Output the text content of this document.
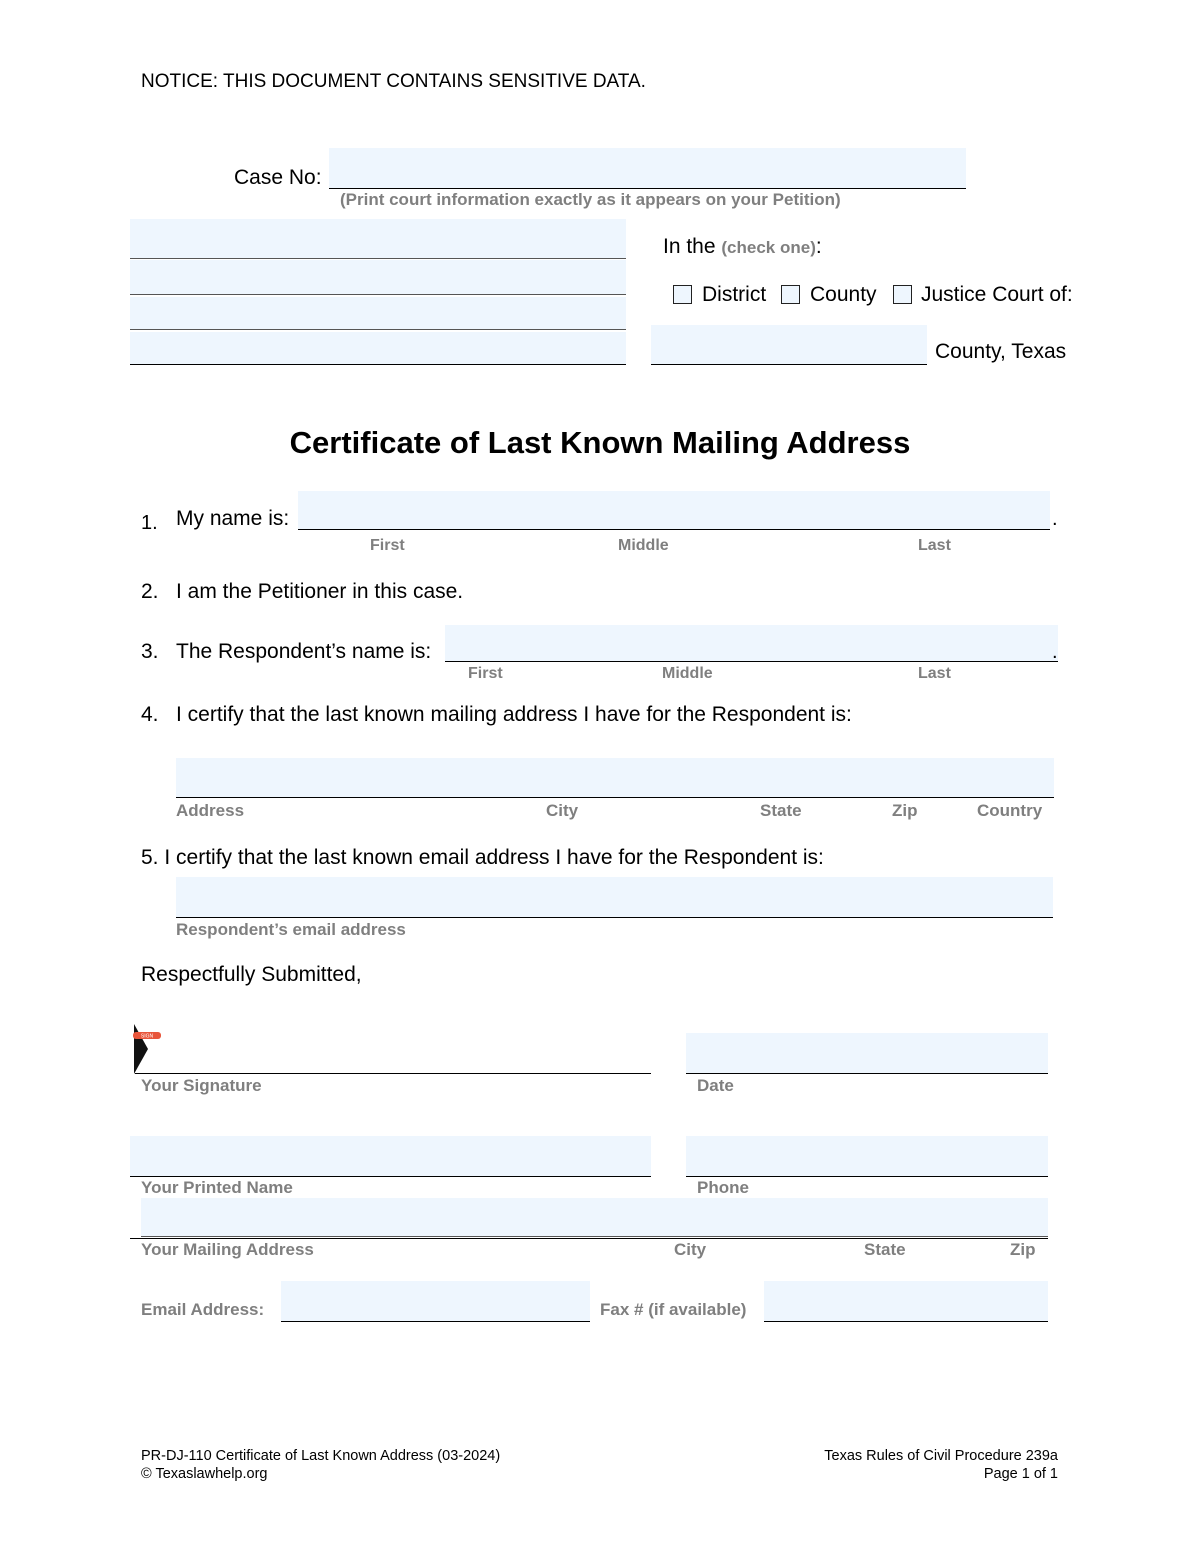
NOTICE: THIS DOCUMENT CONTAINS SENSITIVE DATA.
Case No:
(Print court information exactly as it appears on your Petition)
In the (check one):
District County Justice Court of:
County, Texas
Certificate of Last Known Mailing Address
1. My name is:	.
First	Middle	Last
2. I am the Petitioner in this case.
3. The Respondent’s name is:	.
First	Middle	Last
4. I certify that the last known mailing address I have for the Respondent is:
Address	City	State	Zip	Country
5. I certify that the last known email address I have for the Respondent is:
Respondent’s email address
Respectfully Submitted,
SIGN
Your Signature	Date
Your Printed Name	Phone
Your Mailing Address	City	State	Zip
Email Address:	Fax # (if available)
PR-DJ-110 Certificate of Last Known Address (03-2024)
© Texaslawhelp.org
Texas Rules of Civil Procedure 239a
Page 1 of 1
